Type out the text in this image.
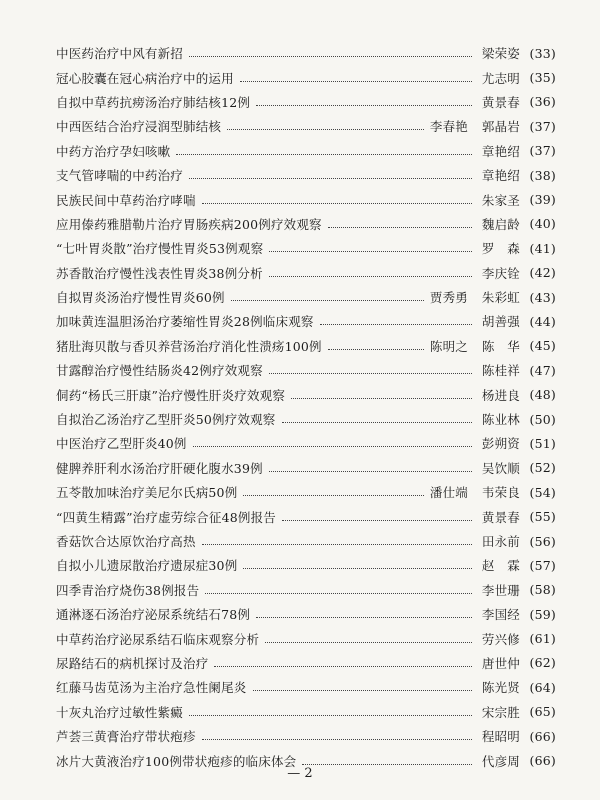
中医药治疗中风有新招	梁荣姿 (33)
冠心胶囊在冠心病治疗中的运用	尤志明 (35)
自拟中草药抗痨汤治疗肺结核12例	黄景春 (36)
中西医结合治疗浸润型肺结核	李春艳	郭晶岩 (37)
中药方治疗孕妇咳嗽	章艳绍 (37)
支气管哮喘的中药治疗	章艳绍 (38)
民族民间中草药治疗哮喘	朱家圣 (39)
应用傣药雅腊勒片治疗胃肠疾病200例疗效观察	魏启龄 (40)
“七叶胃炎散”治疗慢性胃炎53例观察	罗　森 (41)
苏香散治疗慢性浅表性胃炎38例分析	李庆铨 (42)
自拟胃炎汤治疗慢性胃炎60例	贾秀勇	朱彩虹 (43)
加味黄连温胆汤治疗萎缩性胃炎28例临床观察	胡善强 (44)
猪肚海贝散与香贝养营汤治疗消化性溃疡100例	陈明之	陈　华 (45)
甘露醇治疗慢性结肠炎42例疗效观察	陈桂祥 (47)
侗药“杨氏三肝康”治疗慢性肝炎疗效观察	杨进良 (48)
自拟治乙汤治疗乙型肝炎50例疗效观察	陈业林 (50)
中医治疗乙型肝炎40例	彭朔资 (51)
健脾养肝利水汤治疗肝硬化腹水39例	吴饮顺 (52)
五苓散加味治疗美尼尔氏病50例	潘仕端	韦荣良 (54)
“四黄生精露”治疗虚劳综合征48例报告	黄景春 (55)
香菇饮合达原饮治疗高热	田永前 (56)
自拟小儿遗尿散治疗遗尿症30例	赵　霖 (57)
四季青治疗烧伤38例报告	李世珊 (58)
通淋逐石汤治疗泌尿系统结石78例	李国经 (59)
中草药治疗泌尿系结石临床观察分析	劳兴修 (61)
尿路结石的病机探讨及治疗	唐世仲 (62)
红藤马齿苋汤为主治疗急性阑尾炎	陈光贤 (64)
十灰丸治疗过敏性紫癜	宋宗胜 (65)
芦荟三黄膏治疗带状疱疹	程昭明 (66)
冰片大黄液治疗100例带状疱疹的临床体会	代彦周 (66)
— 2
